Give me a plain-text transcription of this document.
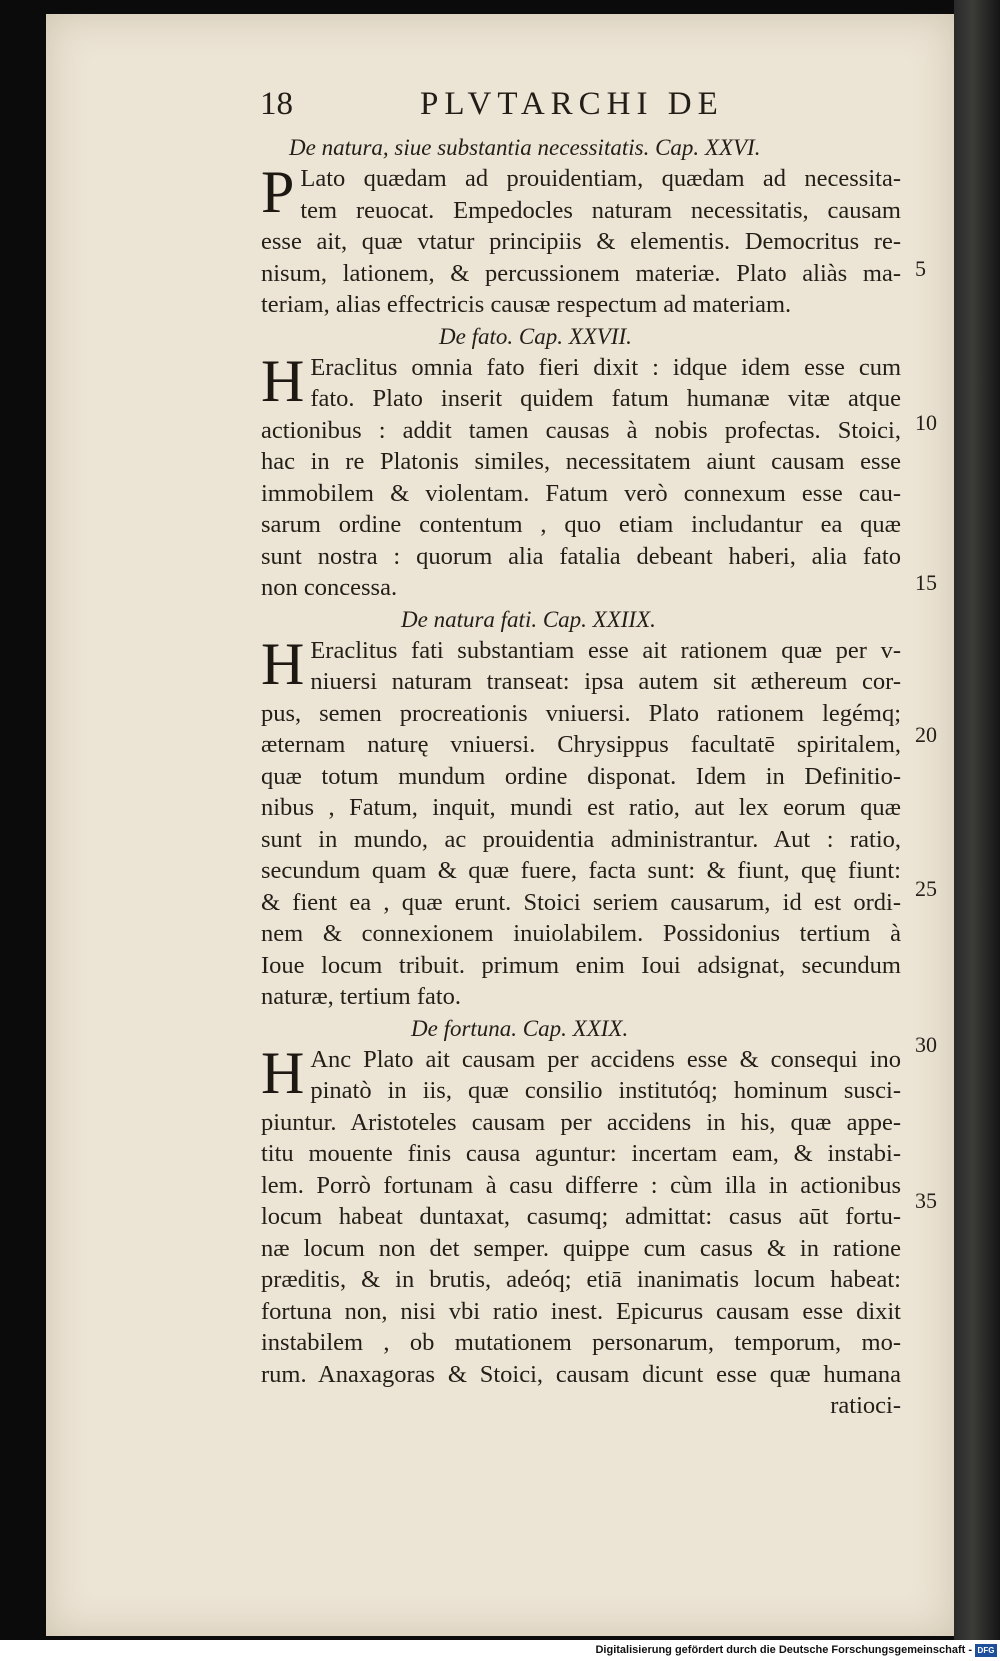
18	PLVTARCHI DE
De natura, siue substantia necessitatis. Cap. XXVI.
P Lato quædam ad prouidentiam, quædam ad necessita-
tem reuocat. Empedocles naturam necessitatis, causam
esse ait, quæ vtatur principiis & elementis. Democritus re-
nisum, lationem, & percussionem materiæ. Plato aliàs ma-
teriam, alias effectricis causæ respectum ad materiam.
De fato. Cap. XXVII.
H Eraclitus omnia fato fieri dixit : idque idem esse cum
fato. Plato inserit quidem fatum humanæ vitæ atque
actionibus : addit tamen causas à nobis profectas. Stoici,
hac in re Platonis similes, necessitatem aiunt causam esse
immobilem & violentam. Fatum verò connexum esse cau-
sarum ordine contentum , quo etiam includantur ea quæ
sunt nostra : quorum alia fatalia debeant haberi, alia fato
non concessa.
De natura fati. Cap. XXIIX.
H Eraclitus fati substantiam esse ait rationem quæ per v-
niuersi naturam transeat: ipsa autem sit æthereum cor-
pus, semen procreationis vniuersi. Plato rationem legémq;
æternam naturę vniuersi. Chrysippus facultatē spiritalem,
quæ totum mundum ordine disponat. Idem in Definitio-
nibus , Fatum, inquit, mundi est ratio, aut lex eorum quæ
sunt in mundo, ac prouidentia administrantur. Aut : ratio,
secundum quam & quæ fuere, facta sunt: & fiunt, quę fiunt:
& fient ea , quæ erunt. Stoici seriem causarum, id est ordi-
nem & connexionem inuiolabilem. Possidonius tertium à
Ioue locum tribuit. primum enim Ioui adsignat, secundum
naturæ, tertium fato.
De fortuna. Cap. XXIX.
H Anc Plato ait causam per accidens esse & consequi ino
pinatò in iis, quæ consilio institutóq; hominum susci-
piuntur. Aristoteles causam per accidens in his, quæ appe-
titu mouente finis causa aguntur: incertam eam, & instabi-
lem. Porrò fortunam à casu differre : cùm illa in actionibus
locum habeat duntaxat, casumq; admittat: casus aūt fortu-
næ locum non det semper. quippe cum casus & in ratione
præditis, & in brutis, adeóq; etiā inanimatis locum habeat:
fortuna non, nisi vbi ratio inest. Epicurus causam esse dixit
instabilem , ob mutationem personarum, temporum, mo-
rum. Anaxagoras & Stoici, causam dicunt esse quæ humana
ratioci-
5
10
15
20
25
30
35
Digitalisierung gefördert durch die Deutsche Forschungsgemeinschaft - DFG
